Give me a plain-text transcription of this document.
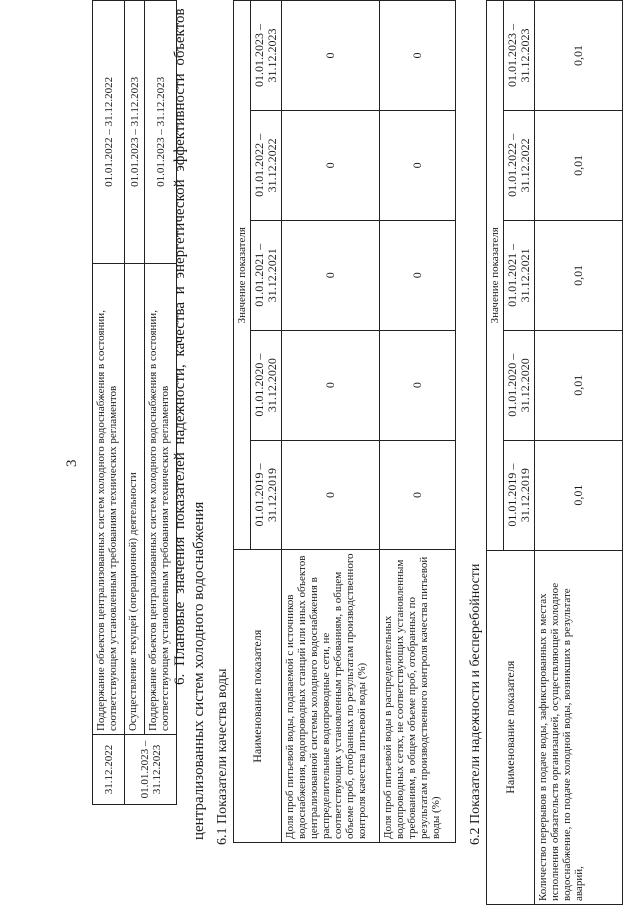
3
31.12.2022	Поддержание объектов централизованных систем холодного водоснабжения в состоянии, соответствующем установленным требованиям технических регламентов	01.01.2022 – 31.12.2022
01.01.2023 – 31.12.2023	Осуществление текущей (операционной) деятельности	01.01.2023 – 31.12.2023
	Поддержание объектов централизованных систем холодного водоснабжения в состоянии, соответствующем установленным требованиям технических регламентов	01.01.2023 – 31.12.2023 6. Плановые значения показателей надежности, качества и энергетической эффективности объектов централизованных систем холодного водоснабжения 6.1 Показатели качества воды Наименование показателя	Значение показателя				
	01.01.2019 – 31.12.2019	01.01.2020 – 31.12.2020	01.01.2021 – 31.12.2021	01.01.2022 – 31.12.2022	01.01.2023 – 31.12.2023
Доля проб питьевой воды, подаваемой с источников водоснабжения, водопроводных станций или иных объектов централизованной системы холодного водоснабжения в распределительные водопроводные сети, не соответствующих установленным требованиям, в общем объеме проб, отобранных по результатам производственного контроля качества питьевой воды (%)	0	0	0	0	0
Доля проб питьевой воды в распределительных водопроводных сетях, не соответствующих установленным требованиям, в общем объеме проб, отобранных по результатам производственного контроля качества питьевой воды (%)	0	0	0	0	0
6.2 Показатели надежности и бесперебойности Наименование показателя	Значение показателя				
	01.01.2019 – 31.12.2019	01.01.2020 – 31.12.2020	01.01.2021 – 31.12.2021	01.01.2022 – 31.12.2022	01.01.2023 – 31.12.2023
Количество перерывов в подаче воды, зафиксированных в местах исполнения обязательств организацией, осуществляющей холодное водоснабжение, по подаче холодной воды, возникших в результате аварий,	0,01	0,01	0,01	0,01	0,01
